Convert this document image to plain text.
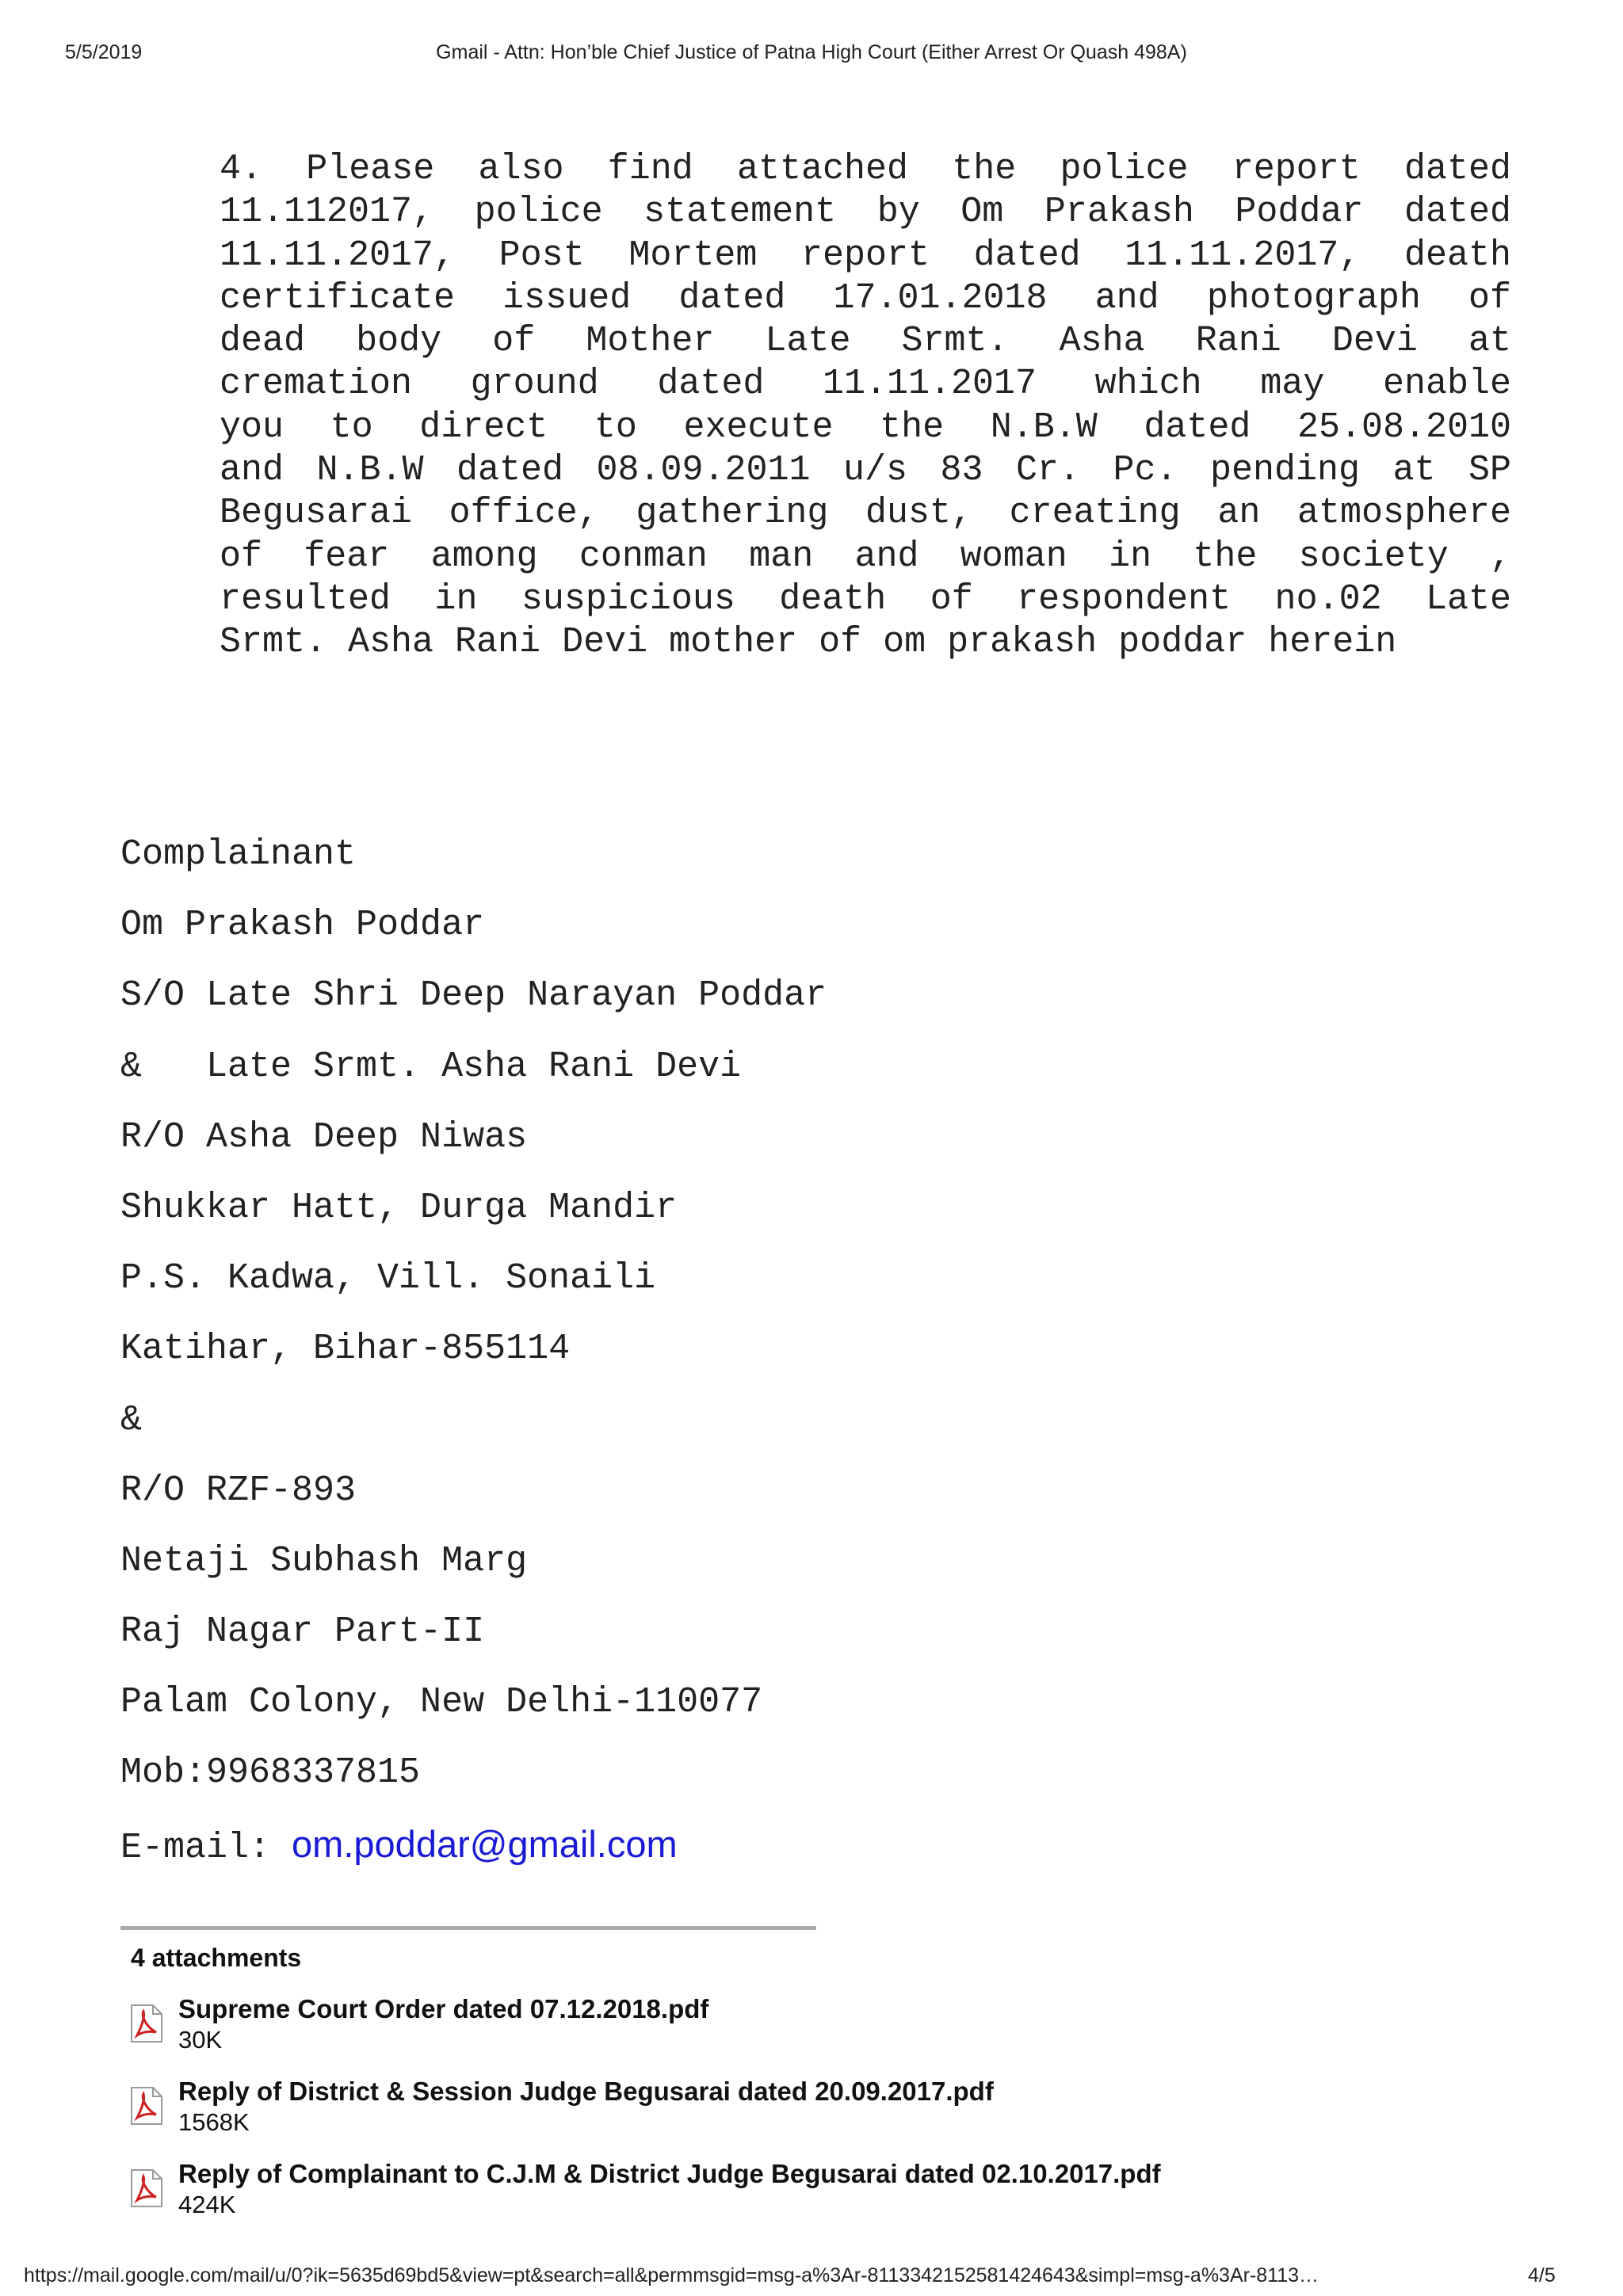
5/5/2019	Gmail - Attn: Hon’ble Chief Justice of Patna High Court (Either Arrest Or Quash 498A)
4. Please also find attached the police report dated
11.112017, police statement by Om Prakash Poddar dated
11.11.2017, Post Mortem report dated 11.11.2017, death
certificate issued dated 17.01.2018 and photograph of
dead body of Mother Late Srmt. Asha Rani Devi at
cremation ground dated 11.11.2017 which may enable
you to direct to execute the N.B.W dated 25.08.2010
and N.B.W dated 08.09.2011 u/s 83 Cr. Pc. pending at SP
Begusarai office, gathering dust, creating an atmosphere
of fear among conman man and woman in the society ,
resulted in suspicious death of respondent no.02 Late
Srmt. Asha Rani Devi mother of om prakash poddar herein
Complainant
Om Prakash Poddar
S/O Late Shri Deep Narayan Poddar
&   Late Srmt. Asha Rani Devi
R/O Asha Deep Niwas
Shukkar Hatt, Durga Mandir
P.S. Kadwa, Vill. Sonaili
Katihar, Bihar-855114
&
R/O RZF-893
Netaji Subhash Marg
Raj Nagar Part-II
Palam Colony, New Delhi-110077
Mob:9968337815
E-mail: om.poddar@gmail.com
4 attachments
Supreme Court Order dated 07.12.2018.pdf
30K
Reply of District & Session Judge Begusarai dated 20.09.2017.pdf
1568K
Reply of Complainant to C.J.M & District Judge Begusarai dated 02.10.2017.pdf
424K
https://mail.google.com/mail/u/0?ik=5635d69bd5&view=pt&search=all&permmsgid=msg-a%3Ar-8113342152581424643&simpl=msg-a%3Ar-8113…	4/5
